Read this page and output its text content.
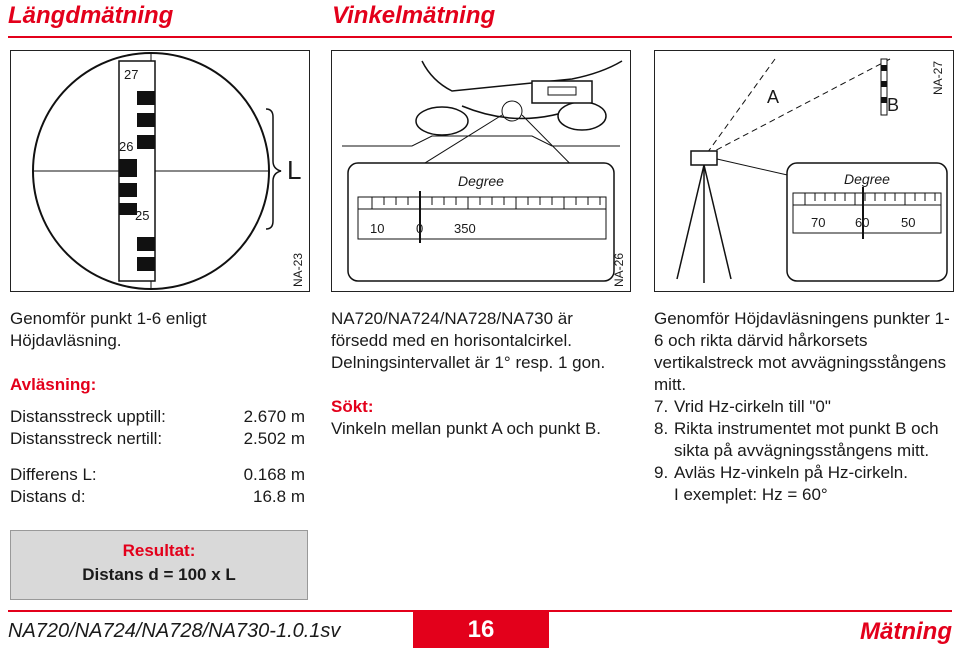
Längdmätning	Vinkelmätning
27
26
25
L
NA-23
Degree
10 0 350
NA-26
A	B
Degree
70 60 50
NA-27

Genomför punkt 1-6 enligt Höjdavläsning.

Avläsning:

Distansstreck upptill:	2.670 m
Distansstreck nertill:	2.502 m
Differens L:	0.168 m
Distans d:	16.8 m
Resultat:
Distans d = 100 x L

NA720/NA724/NA728/NA730 är försedd med en horisontalcirkel. Delningsintervallet är 1° resp. 1 gon.

Sökt:

Vinkeln mellan punkt A och punkt B.

Genomför Höjdavläsningens punkter 1-6 och rikta därvid hårkorsets vertikalstreck mot avvägningsstångens mitt.

7. Vrid Hz-cirkeln till "0"
8. Rikta instrumentet mot punkt B och sikta på avvägningsstångens mitt.
9. Avläs Hz-vinkeln på Hz-cirkeln.
I exemplet: Hz = 60°
NA720/NA724/NA728/NA730-1.0.1sv	16	Mätning
